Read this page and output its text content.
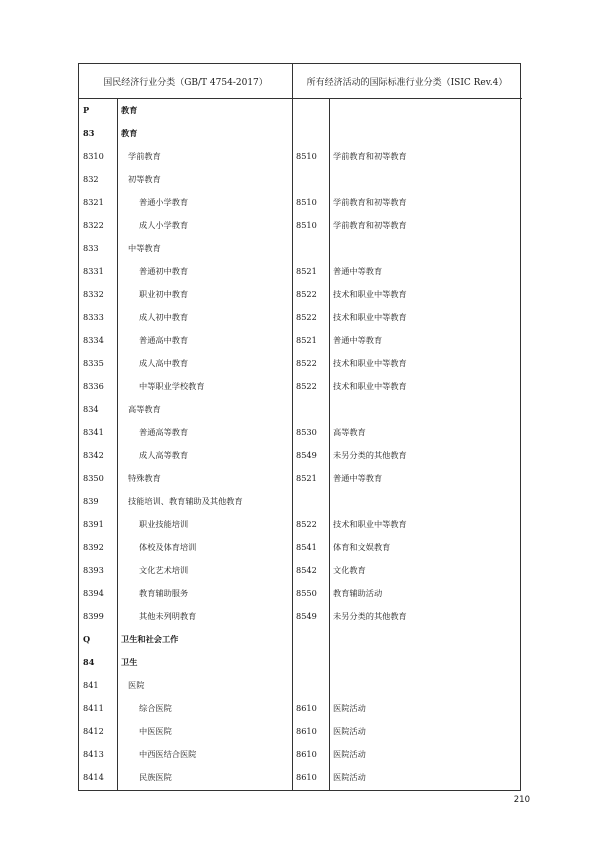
国民经济行业分类（GB/T 4754-2017）	所有经济活动的国际标准行业分类（ISIC Rev.4）
P	教育
83	教育
8310	学前教育	8510	学前教育和初等教育
832	初等教育
8321	普通小学教育	8510	学前教育和初等教育
8322	成人小学教育	8510	学前教育和初等教育
833	中等教育
8331	普通初中教育	8521	普通中等教育
8332	职业初中教育	8522	技术和职业中等教育
8333	成人初中教育	8522	技术和职业中等教育
8334	普通高中教育	8521	普通中等教育
8335	成人高中教育	8522	技术和职业中等教育
8336	中等职业学校教育	8522	技术和职业中等教育
834	高等教育
8341	普通高等教育	8530	高等教育
8342	成人高等教育	8549	未另分类的其他教育
8350	特殊教育	8521	普通中等教育
839	技能培训、教育辅助及其他教育
8391	职业技能培训	8522	技术和职业中等教育
8392	体校及体育培训	8541	体育和文娱教育
8393	文化艺术培训	8542	文化教育
8394	教育辅助服务	8550	教育辅助活动
8399	其他未列明教育	8549	未另分类的其他教育
Q	卫生和社会工作
84	卫生
841	医院
8411	综合医院	8610	医院活动
8412	中医医院	8610	医院活动
8413	中西医结合医院	8610	医院活动
8414	民族医院	8610	医院活动
210
